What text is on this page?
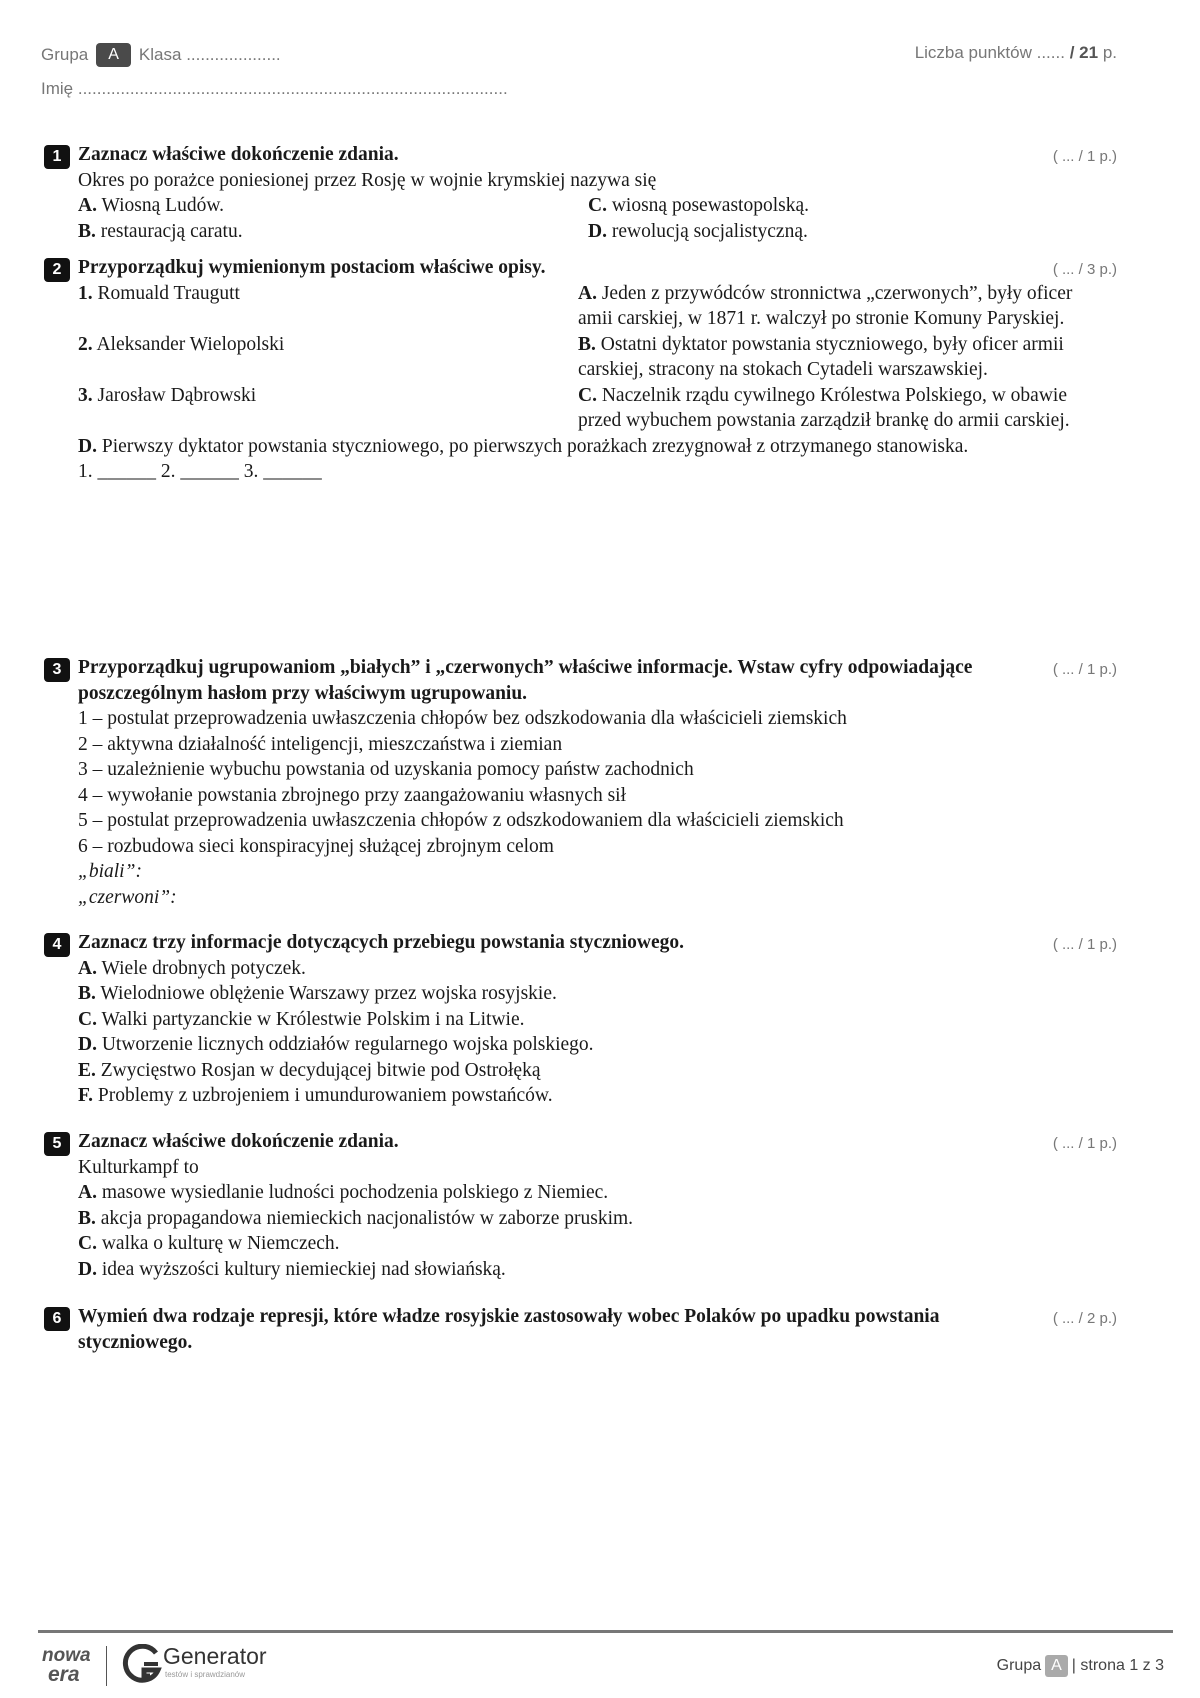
Grupa A Klasa ....................
Imię ...........................................................................................
Liczba punktów ...... / 21 p.
1	( ... / 1 p.)
Zaznacz właściwe dokończenie zdania.
Okres po porażce poniesionej przez Rosję w wojnie krymskiej nazywa się
A. Wiosną Ludów.	C. wiosną posewastopolską.
B. restauracją caratu.	D. rewolucją socjalistyczną.
2	( ... / 3 p.)
Przyporządkuj wymienionym postaciom właściwe opisy.
1. Romuald Traugutt	A. Jeden z przywódców stronnictwa „czerwonych”, były oficer amii carskiej, w 1871 r. walczył po stronie Komuny Paryskiej.
2. Aleksander Wielopolski	B. Ostatni dyktator powstania styczniowego, były oficer armii carskiej, stracony na stokach Cytadeli warszawskiej.
3. Jarosław Dąbrowski	C. Naczelnik rządu cywilnego Królestwa Polskiego, w obawie przed wybuchem powstania zarządził brankę do armii carskiej.
D. Pierwszy dyktator powstania styczniowego, po pierwszych porażkach zrezygnował z otrzymanego stanowiska.
1. ______ 2. ______ 3. ______
3	( ... / 1 p.)
Przyporządkuj ugrupowaniom „białych” i „czerwonych” właściwe informacje. Wstaw cyfry odpowiadające poszczególnym hasłom przy właściwym ugrupowaniu.
1 – postulat przeprowadzenia uwłaszczenia chłopów bez odszkodowania dla właścicieli ziemskich
2 – aktywna działalność inteligencji, mieszczaństwa i ziemian
3 – uzależnienie wybuchu powstania od uzyskania pomocy państw zachodnich
4 – wywołanie powstania zbrojnego przy zaangażowaniu własnych sił
5 – postulat przeprowadzenia uwłaszczenia chłopów z odszkodowaniem dla właścicieli ziemskich
6 – rozbudowa sieci konspiracyjnej służącej zbrojnym celom
„biali”:
„czerwoni”:
4	( ... / 1 p.)
Zaznacz trzy informacje dotyczących przebiegu powstania styczniowego.
A. Wiele drobnych potyczek.
B. Wielodniowe oblężenie Warszawy przez wojska rosyjskie.
C. Walki partyzanckie w Królestwie Polskim i na Litwie.
D. Utworzenie licznych oddziałów regularnego wojska polskiego.
E. Zwycięstwo Rosjan w decydującej bitwie pod Ostrołęką
F. Problemy z uzbrojeniem i umundurowaniem powstańców.
5	( ... / 1 p.)
Zaznacz właściwe dokończenie zdania.
Kulturkampf to
A. masowe wysiedlanie ludności pochodzenia polskiego z Niemiec.
B. akcja propagandowa niemieckich nacjonalistów w zaborze pruskim.
C. walka o kulturę w Niemczech.
D. idea wyższości kultury niemieckiej nad słowiańską.
6	( ... / 2 p.)
Wymień dwa rodzaje represji, które władze rosyjskie zastosowały wobec Polaków po upadku powstania styczniowego.
nowa
era
Generator
testów i sprawdzianów
Grupa A | strona 1 z 3
